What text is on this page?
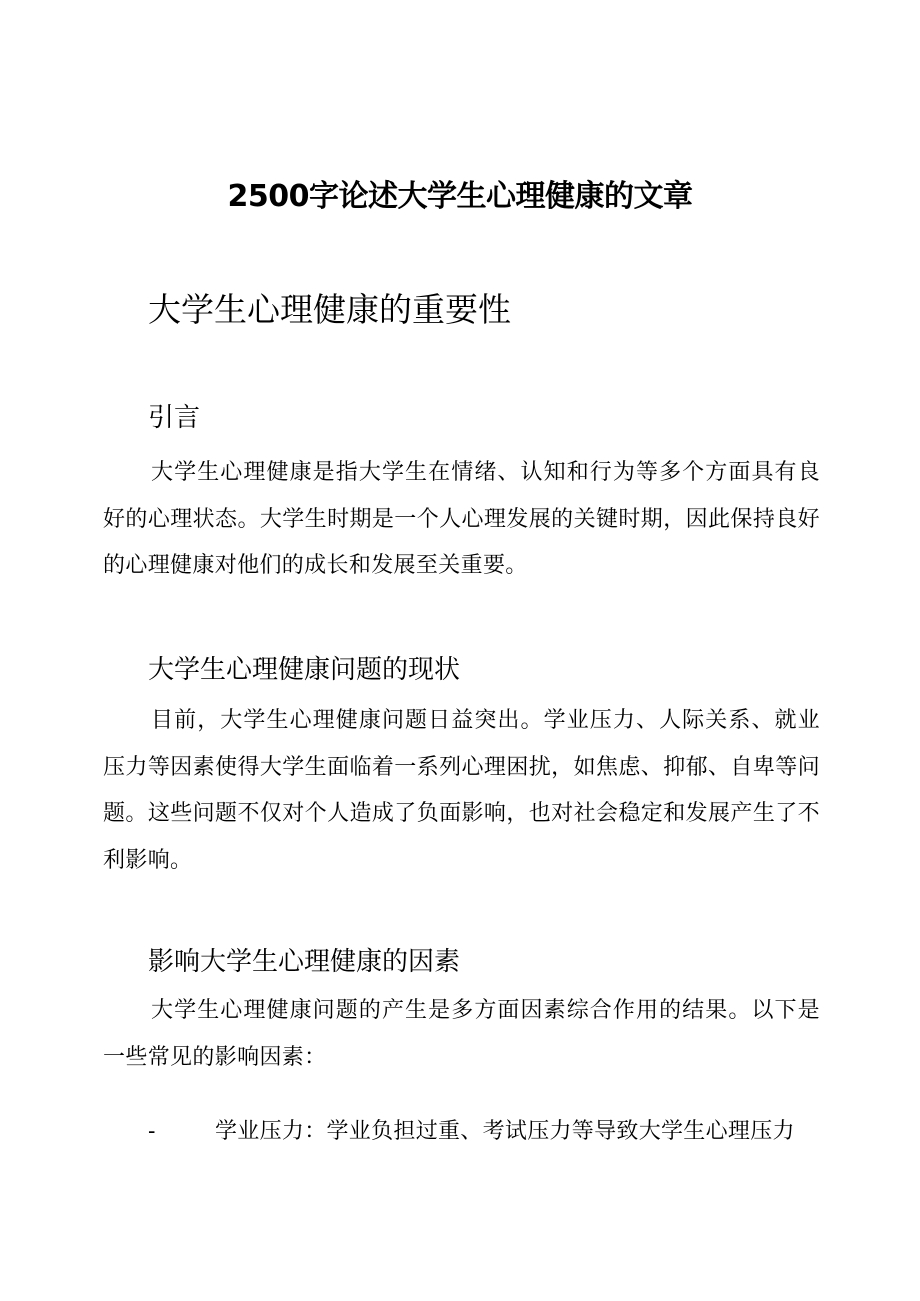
2500字论述大学生心理健康的文章
大学生心理健康的重要性
引言

大学生心理健康是指大学生在情绪、认知和行为等多个方面具有良好的心理状态。大学生时期是一个人心理发展的关键时期，因此保持良好的心理健康对他们的成长和发展至关重要。

大学生心理健康问题的现状

目前，大学生心理健康问题日益突出。学业压力、人际关系、就业压力等因素使得大学生面临着一系列心理困扰，如焦虑、抑郁、自卑等问题。这些问题不仅对个人造成了负面影响，也对社会稳定和发展产生了不利影响。

影响大学生心理健康的因素

大学生心理健康问题的产生是多方面因素综合作用的结果。以下是一些常见的影响因素：

-	学业压力：学业负担过重、考试压力等导致大学生心理压力
